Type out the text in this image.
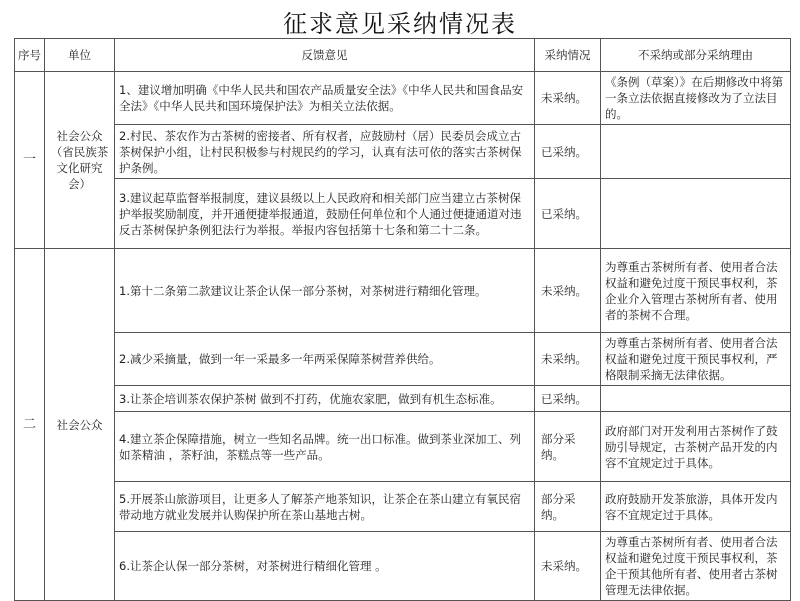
征求意见采纳情况表
序号	单位	反馈意见	采纳情况	不采纳或部分采纳理由
一	社会公众（省民族茶文化研究会）	1、建议增加明确《中华人民共和国农产品质量安全法》《中华人民共和国食品安全法》《中华人民共和国环境保护法》为相关立法依据。	未采纳。	《条例（草案）》在后期修改中将第一条立法依据直接修改为了立法目的。
		2.村民、茶农作为古茶树的密接者、所有权者，应鼓励村（居）民委员会成立古茶树保护小组，让村民积极参与村规民约的学习，认真有法可依的落实古茶树保护条例。	已采纳。	
		3.建议起草监督举报制度，建议县级以上人民政府和相关部门应当建立古茶树保护举报奖励制度，并开通便捷举报通道，鼓励任何单位和个人通过便捷通道对违反古茶树保护条例犯法行为举报。举报内容包括第十七条和第二十二条。	已采纳。	
二	社会公众	1.第十二条第二款建议让茶企认保一部分茶树，对茶树进行精细化管理。	未采纳。	为尊重古茶树所有者、使用者合法权益和避免过度干预民事权利，茶企业介入管理古茶树所有者、使用者的茶树不合理。
		2.减少采摘量，做到一年一采最多一年两采保障茶树营养供给。	未采纳。	为尊重古茶树所有者、使用者合法权益和避免过度干预民事权利，严格限制采摘无法律依据。
		3.让茶企培训茶农保护茶树 做到不打药，优施农家肥，做到有机生态标准。	已采纳。	
		4.建立茶企保障措施，树立一些知名品牌。统一出口标准。做到茶业深加工、列如茶精油 ，茶籽油，茶糕点等一些产品。	部分采纳。	政府部门对开发利用古茶树作了鼓励引导规定，古茶树产品开发的内容不宜规定过于具体。
		5.开展茶山旅游项目，让更多人了解茶产地茶知识，让茶企在茶山建立有氧民宿带动地方就业发展并认购保护所在茶山基地古树。	部分采纳。	政府鼓励开发茶旅游，具体开发内容不宜规定过于具体。
		6.让茶企认保一部分茶树，对茶树进行精细化管理 。	未采纳。	为尊重古茶树所有者、使用者合法权益和避免过度干预民事权利，茶企干预其他所有者、使用者古茶树管理无法律依据。
